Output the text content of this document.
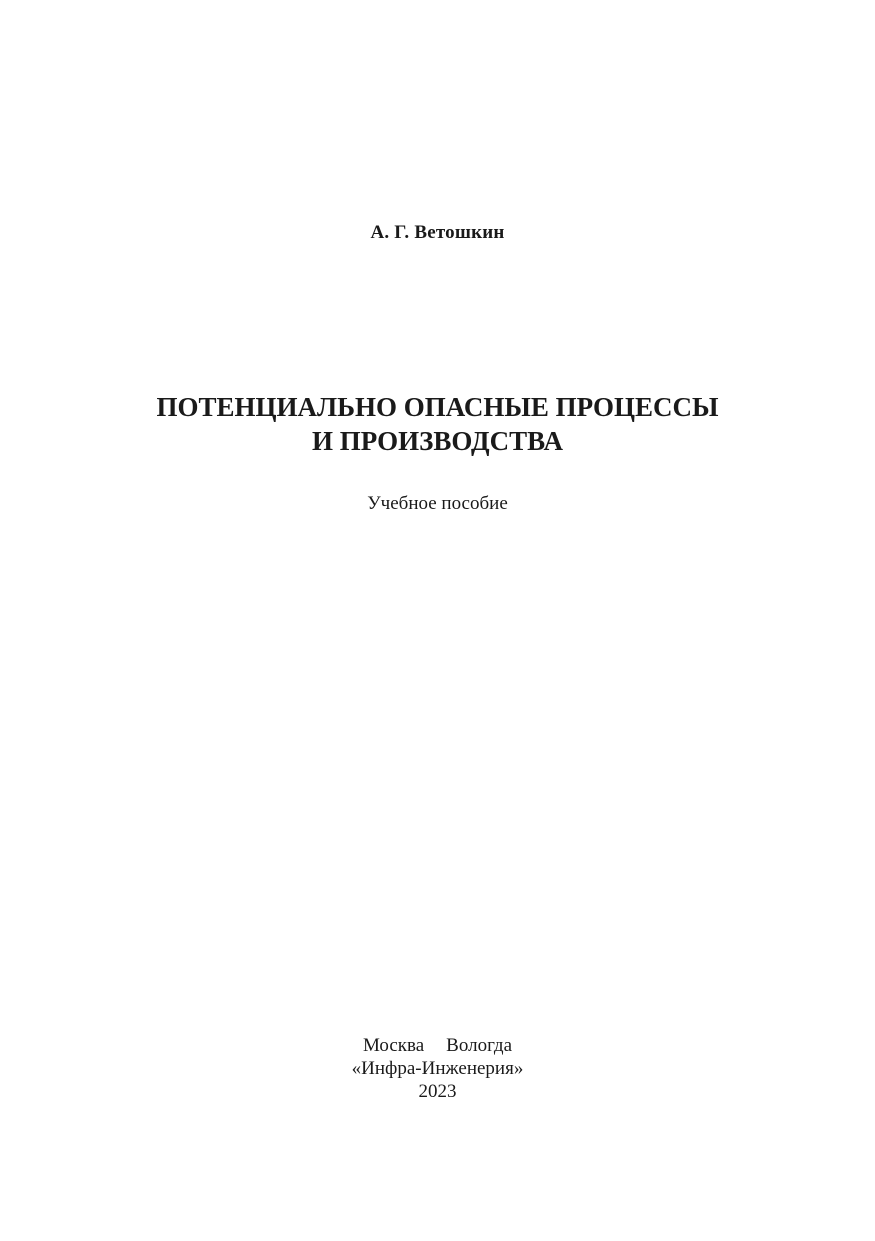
А. Г. Ветошкин
ПОТЕНЦИАЛЬНО ОПАСНЫЕ ПРОЦЕССЫ
И ПРОИЗВОДСТВА
Учебное пособие
Москва Вологда
«Инфра-Инженерия»
2023
